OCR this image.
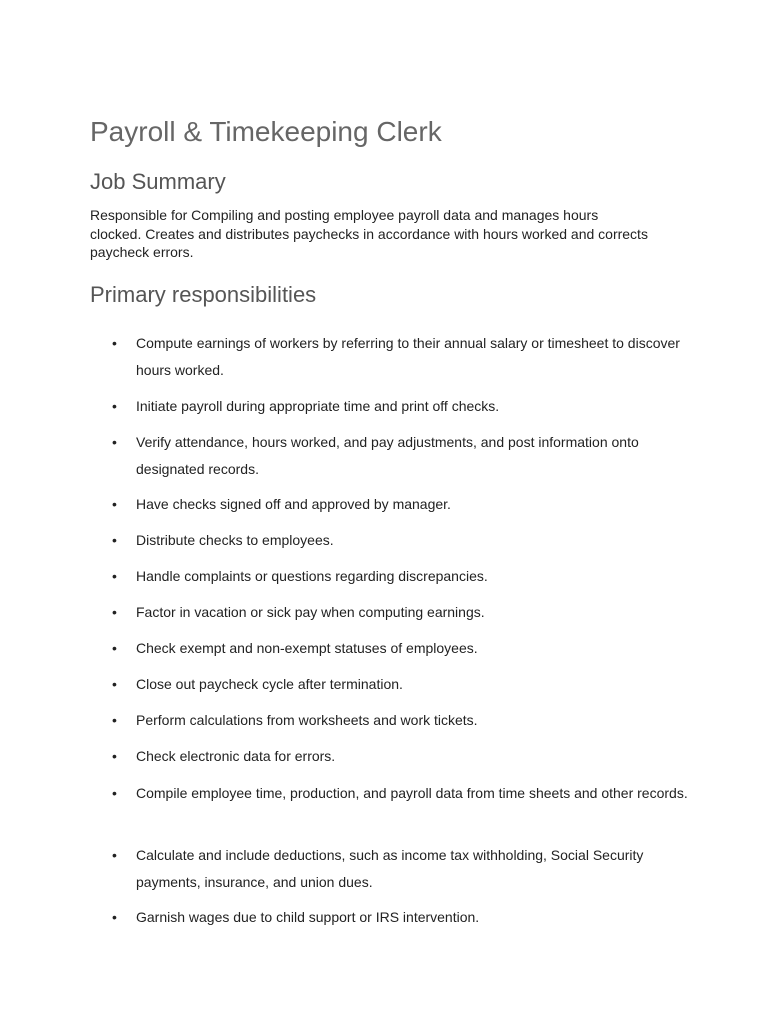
Payroll & Timekeeping Clerk
Job Summary

Responsible for Compiling and posting employee payroll data and manages hours clocked. Creates and distributes paychecks in accordance with hours worked and corrects paycheck errors.

Primary responsibilities
• Compute earnings of workers by referring to their annual salary or timesheet to discover hours worked.
• Initiate payroll during appropriate time and print off checks.
• Verify attendance, hours worked, and pay adjustments, and post information onto designated records.
• Have checks signed off and approved by manager.
• Distribute checks to employees.
• Handle complaints or questions regarding discrepancies.
• Factor in vacation or sick pay when computing earnings.
• Check exempt and non-exempt statuses of employees.
• Close out paycheck cycle after termination.
• Perform calculations from worksheets and work tickets.
• Check electronic data for errors.
• Compile employee time, production, and payroll data from time sheets and other records.
• Calculate and include deductions, such as income tax withholding, Social Security payments, insurance, and union dues.
• Garnish wages due to child support or IRS intervention.
